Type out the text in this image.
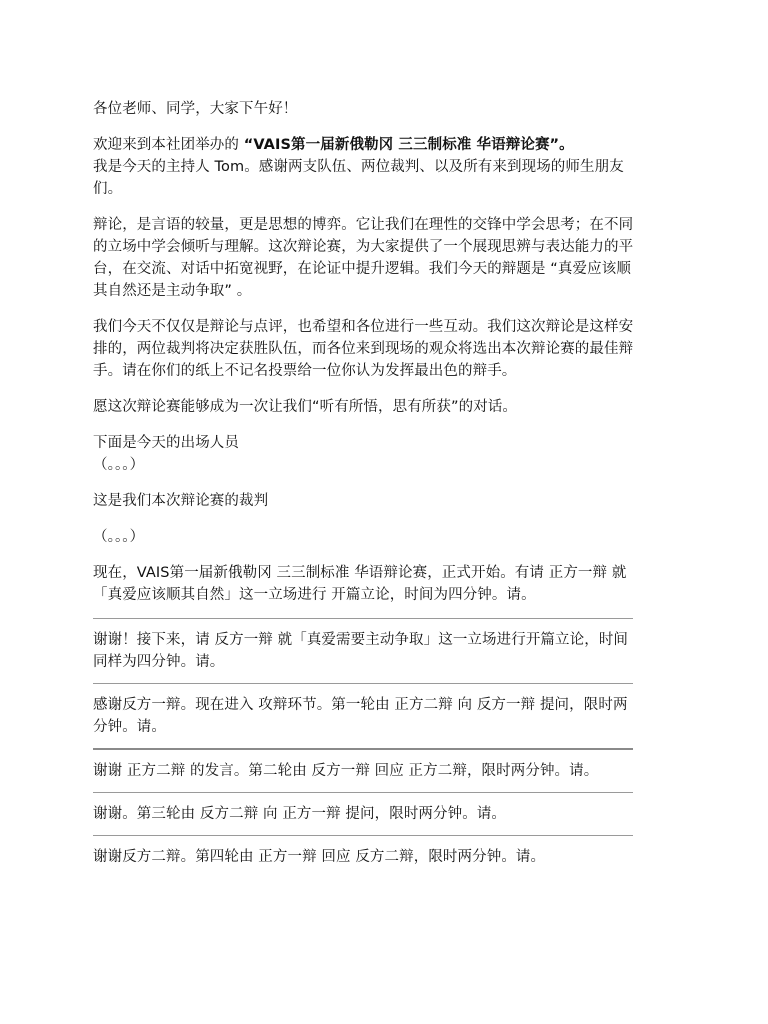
各位老师、同学，大家下午好！

欢迎来到本社团举办的 “VAIS第一届新俄勒冈 三三制标准 华语辩论赛”。
我是今天的主持人 Tom。感谢两支队伍、两位裁判、以及所有来到现场的师生朋友们。

辩论，是言语的较量，更是思想的博弈。它让我们在理性的交锋中学会思考；在不同的立场中学会倾听与理解。这次辩论赛，为大家提供了一个展现思辨与表达能力的平台，在交流、对话中拓宽视野，在论证中提升逻辑。我们今天的辩题是 “真爱应该顺其自然还是主动争取” 。

我们今天不仅仅是辩论与点评，也希望和各位进行一些互动。我们这次辩论是这样安排的，两位裁判将决定获胜队伍，而各位来到现场的观众将选出本次辩论赛的最佳辩手。请在你们的纸上不记名投票给一位你认为发挥最出色的辩手。

愿这次辩论赛能够成为一次让我们“听有所悟，思有所获”的对话。

下面是今天的出场人员
（。。。）

这是我们本次辩论赛的裁判

（。。。）

现在，VAIS第一届新俄勒冈 三三制标准 华语辩论赛，正式开始。有请 正方一辩 就「真爱应该顺其自然」这一立场进行 开篇立论，时间为四分钟。请。

谢谢！接下来，请 反方一辩 就「真爱需要主动争取」这一立场进行开篇立论，时间同样为四分钟。请。

感谢反方一辩。现在进入 攻辩环节。第一轮由 正方二辩 向 反方一辩 提问，限时两分钟。请。

谢谢 正方二辩 的发言。第二轮由 反方一辩 回应 正方二辩，限时两分钟。请。

谢谢。第三轮由 反方二辩 向 正方一辩 提问，限时两分钟。请。

谢谢反方二辩。第四轮由 正方一辩 回应 反方二辩，限时两分钟。请。
